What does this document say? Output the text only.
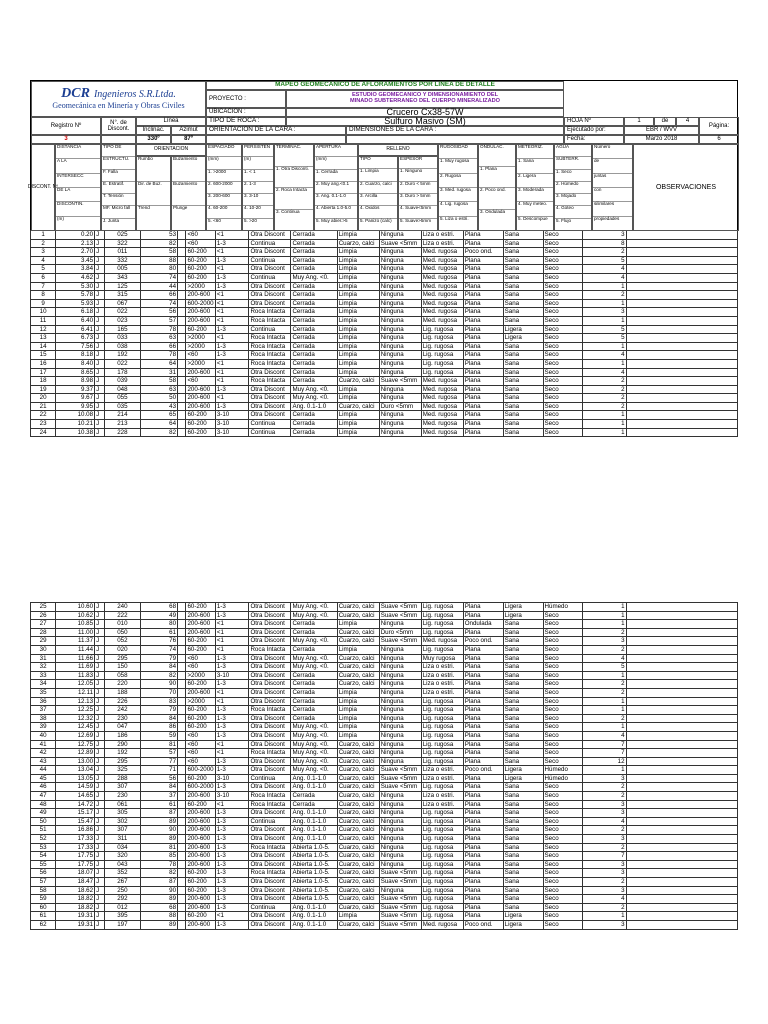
DCR Ingenieros S.R.Ltda.
Geomecánica en Minería y Obras Civiles
MAPEO GEOMECANICO DE AFLORAMIENTOS POR LINEA DE DETALLE
PROYECTO :
ESTUDIO GEOMECANICO Y DIMENSIONAMIENTO DEL
MINADO SUBTERRANEO DEL CUERPO MINERALIZADO
Registro Nº
N°. de
Discont.
Línea
Inclinac.	Azimut
UBICACION :	Crucero Cx38-57W
TIPO DE ROCA :	Sulfuro Masivo (SM)
ORIENTACION DE LA CARA :	DIMENSIONES DE LA CARA :
HOJA Nº	1	de	4
Página:
Ejecutado por:	EBR / WVV
3	330º	87º	Fecha:	Marzo 2018	6
DISCONT. Nº
DISTANCIA
A LA
INTERSECC
DE LA
DISCONTIN.
(m)
TIPO DE
ESTRUCTU.
F. Falla
E. Estratif.
T. Tensión
MF. Micro fall
J. Junta
ORIENTACION
Rumbo
Dir. de Buz.
Trend
Buzamiento
Buzamiento
Plunge
ESPACIADO
(mm)
1. >2000
2. 600-2000
3. 200-600
4. 60-200
5. <60
PERSISTEN
(m)
1. < 1
2. 1-3
3. 3-10
4. 10-20
5. >20
TERMINAC.
1. Otra Disconti.
2. Roca Intacta
3. Continua
APERTURA
(mm)
1. Cerrada
2. Muy ang.<0.1
3. Ang. 0.1-1.0
4. Abierta 1.0-5.0
5. Muy abier.>5
RELLENO
TIPO
1. Limpia
2. Cuarzo, calci
3. Arcilla
4. Oxidos
5. Panizo (calc)
ESPESOR
1. Ninguno
2. Duro < 5mm
3. Duro > 5mm
4. Suave<5mm
5. Suave>5mm
RUGOSIDAD
1. Muy rugosa
2. Rugosa
3. Med. rugosa
4. Lig. rugosa
5. Liza o estri.
ONDULAC.
1. Plana
2. Poco ond.
3. Ondulada
METEORIZ.
1. Sana
2. Ligera
3. Moderada
4. Muy meteo.
5. Descompue
AGUA
SUBTERR.
1. Seco
2. Húmedo
3. Mojado
4. Goteo
5. Flujo
Número
de
juntas
con
silimilares
propiedades
OBSERVACIONES
1	0.20	J	025	53		<60	<1	Otra Discont	Cerrada	Limpia	Ninguna	Liza o estri.	Plana	Sana	Seco	3	
2	2.13	J	322	82		<60	1-3	Continua	Cerrada	Cuarzo, calci	Suave <5mm	Liza o estri.	Plana	Sana	Seco	8	
3	2.70	J	011	58		60-200	<1	Otra Discont	Cerrada	Limpia	Ninguna	Med. rugosa	Poco ond.	Sana	Seco	2	
4	3.45	J	332	88		60-200	1-3	Continua	Cerrada	Limpia	Ninguna	Med. rugosa	Plana	Sana	Seco	5	
5	3.84	J	005	80		60-200	<1	Otra Discont	Cerrada	Limpia	Ninguna	Med. rugosa	Plana	Sana	Seco	4	
6	4.62	J	343	74		60-200	1-3	Continua	Muy Ang. <0.	Limpia	Ninguna	Med. rugosa	Plana	Sana	Seco	4	
7	5.30	J	125	44		>2000	1-3	Otra Discont	Cerrada	Limpia	Ninguna	Med. rugosa	Plana	Sana	Seco	1	
8	5.78	J	315	66		200-600	<1	Otra Discont	Cerrada	Limpia	Ninguna	Med. rugosa	Plana	Sana	Seco	2	
9	5.93	J	067	74		600-2000	<1	Otra Discont	Cerrada	Limpia	Ninguna	Med. rugosa	Plana	Sana	Seco	1	
10	6.18	J	022	56		200-600	<1	Roca Intacta	Cerrada	Limpia	Ninguna	Med. rugosa	Plana	Sana	Seco	3	
11	6.40	J	023	57		200-600	<1	Roca Intacta	Cerrada	Limpia	Ninguna	Med. rugosa	Plana	Sana	Seco	1	
12	6.41	J	165	78		60-200	1-3	Continua	Cerrada	Limpia	Ninguna	Lig. rugosa	Plana	Ligera	Seco	5	
13	6.73	J	033	63		>2000	<1	Roca Intacta	Cerrada	Limpia	Ninguna	Lig. rugosa	Plana	Ligera	Seco	5	
14	7.56	J	038	66		>2000	1-3	Roca Intacta	Cerrada	Limpia	Ninguna	Lig. rugosa	Plana	Sana	Seco	1	
15	8.18	J	192	78		<60	1-3	Roca Intacta	Cerrada	Limpia	Ninguna	Lig. rugosa	Plana	Sana	Seco	4	
16	8.40	J	022	64		>2000	<1	Roca Intacta	Cerrada	Limpia	Ninguna	Lig. rugosa	Plana	Sana	Seco	1	
17	8.65	J	178	31		200-600	<1	Otra Discont	Cerrada	Limpia	Ninguna	Lig. rugosa	Plana	Sana	Seco	4	
18	8.98	J	039	58		<60	<1	Roca Intacta	Cerrada	Cuarzo, calci	Suave <5mm	Med. rugosa	Plana	Sana	Seco	2	
19	9.37	J	048	63		200-600	1-3	Otra Discont	Muy Ang. <0.	Limpia	Ninguna	Med. rugosa	Plana	Sana	Seco	2	
20	9.67	J	055	50		200-600	<1	Otra Discont	Muy Ang. <0.	Limpia	Ninguna	Med. rugosa	Plana	Sana	Seco	2	
21	9.95	J	035	43		200-600	1-3	Otra Discont	Ang. 0.1-1.0	Cuarzo, calci	Duro <5mm	Med. rugosa	Plana	Sana	Seco	2	
22	10.08	J	214	65		60-200	3-10	Otra Discont	Cerrada	Limpia	Ninguna	Med. rugosa	Plana	Sana	Seco	1	
23	10.21	J	213	64		60-200	3-10	Continua	Cerrada	Limpia	Ninguna	Med. rugosa	Plana	Sana	Seco	1	
24	10.38	J	228	82		60-200	3-10	Continua	Cerrada	Limpia	Ninguna	Med. rugosa	Plana	Sana	Seco	1	
25	10.60	J	240	68		60-200	1-3	Otra Discont	Muy Ang. <0.	Cuarzo, calci	Suave <5mm	Lig. rugosa	Plana	Ligera	Húmedo	1	
26	10.62	J	222	49		200-600	1-3	Otra Discont	Muy Ang. <0.	Cuarzo, calci	Suave <5mm	Lig. rugosa	Plana	Ligera	Seco	1	
27	10.85	J	010	80		200-600	<1	Otra Discont	Cerrada	Limpia	Ninguna	Lig. rugosa	Ondulada	Sana	Seco	1	
28	11.00	J	050	61		200-600	<1	Otra Discont	Cerrada	Cuarzo, calci	Duro <5mm	Lig. rugosa	Plana	Sana	Seco	2	
29	11.37	J	052	76		60-200	<1	Otra Discont	Muy Ang. <0.	Cuarzo, calci	Suave <5mm	Med. rugosa	Poco ond.	Sana	Seco	3	
30	11.44	J	020	74		60-200	<1	Roca Intacta	Cerrada	Limpia	Ninguna	Lig. rugosa	Plana	Sana	Seco	2	
31	11.66	J	295	79		<60	1-3	Otra Discont	Muy Ang. <0.	Cuarzo, calci	Ninguna	Muy rugosa	Plana	Sana	Seco	4	
32	11.69	J	150	84		<60	1-3	Otra Discont	Muy Ang. <0.	Cuarzo, calci	Ninguna	Liza o estri.	Plana	Sana	Seco	5	
33	11.83	J	058	82		>2000	3-10	Otra Discont	Cerrada	Cuarzo, calci	Ninguna	Liza o estri.	Plana	Sana	Seco	1	
34	12.05	J	220	90		60-200	1-3	Otra Discont	Cerrada	Cuarzo, calci	Ninguna	Liza o estri.	Plana	Sana	Seco	2	
35	12.11	J	188	70		200-600	<1	Otra Discont	Cerrada	Limpia	Ninguna	Liza o estri.	Plana	Sana	Seco	2	
36	12.13	J	226	83		>2000	<1	Otra Discont	Cerrada	Limpia	Ninguna	Lig. rugosa	Plana	Sana	Seco	1	
37	12.25	J	242	79		60-200	1-3	Roca Intacta	Cerrada	Limpia	Ninguna	Lig. rugosa	Plana	Sana	Seco	1	
38	12.32	J	230	84		60-200	1-3	Otra Discont	Cerrada	Limpia	Ninguna	Lig. rugosa	Plana	Sana	Seco	2	
39	12.45	J	047	86		60-200	1-3	Otra Discont	Muy Ang. <0.	Limpia	Ninguna	Lig. rugosa	Plana	Sana	Seco	1	
40	12.69	J	186	59		<60	1-3	Otra Discont	Muy Ang. <0.	Limpia	Ninguna	Lig. rugosa	Plana	Sana	Seco	4	
41	12.75	J	290	81		<60	<1	Otra Discont	Muy Ang. <0.	Cuarzo, calci	Ninguna	Lig. rugosa	Plana	Sana	Seco	7	
42	12.89	J	192	57		<60	<1	Roca Intacta	Muy Ang. <0.	Cuarzo, calci	Ninguna	Lig. rugosa	Plana	Sana	Seco	7	
43	13.00	J	295	77		<60	1-3	Otra Discont	Muy Ang. <0.	Cuarzo, calci	Ninguna	Lig. rugosa	Plana	Sana	Seco	12	
44	13.04	J	325	71		600-2000	1-3	Otra Discont	Muy Ang. <0.	Cuarzo, calci	Suave <5mm	Liza o estri.	Poco ond.	Ligera	Húmedo	1	
45	13.05	J	288	56		60-200	3-10	Continua	Ang. 0.1-1.0	Cuarzo, calci	Suave <5mm	Liza o estri.	Plana	Ligera	Húmedo	3	
46	14.59	J	307	84		600-2000	1-3	Otra Discont	Ang. 0.1-1.0	Cuarzo, calci	Suave <5mm	Lig. rugosa	Plana	Sana	Seco	2	
47	14.65	J	230	37		200-600	3-10	Roca Intacta	Cerrada	Cuarzo, calci	Ninguna	Liza o estri.	Plana	Sana	Seco	2	
48	14.72	J	061	61		60-200	<1	Roca Intacta	Cerrada	Cuarzo, calci	Ninguna	Liza o estri.	Plana	Sana	Seco	3	
49	15.17	J	305	87		200-600	1-3	Otra Discont	Ang. 0.1-1.0	Cuarzo, calci	Ninguna	Lig. rugosa	Plana	Sana	Seco	3	
50	15.47	J	302	89		200-600	1-3	Continua	Ang. 0.1-1.0	Cuarzo, calci	Ninguna	Lig. rugosa	Plana	Sana	Seco	4	
51	16.86	J	307	90		200-600	1-3	Otra Discont	Ang. 0.1-1.0	Cuarzo, calci	Ninguna	Lig. rugosa	Plana	Sana	Seco	2	
52	17.33	J	311	89		200-600	1-3	Otra Discont	Ang. 0.1-1.0	Cuarzo, calci	Ninguna	Lig. rugosa	Plana	Sana	Seco	3	
53	17.33	J	034	81		200-600	1-3	Roca Intacta	Abierta 1.0-5.	Cuarzo, calci	Ninguna	Lig. rugosa	Plana	Sana	Seco	2	
54	17.75	J	320	85		200-600	1-3	Otra Discont	Abierta 1.0-5.	Cuarzo, calci	Ninguna	Lig. rugosa	Plana	Sana	Seco	7	
55	17.75	J	043	78		200-600	1-3	Otra Discont	Abierta 1.0-5.	Cuarzo, calci	Ninguna	Lig. rugosa	Plana	Sana	Seco	3	
56	18.07	J	352	82		60-200	1-3	Roca Intacta	Abierta 1.0-5.	Cuarzo, calci	Suave <5mm	Lig. rugosa	Plana	Sana	Seco	3	
57	18.47	J	267	87		60-200	1-3	Otra Discont	Abierta 1.0-5.	Cuarzo, calci	Suave <5mm	Lig. rugosa	Plana	Sana	Seco	2	
58	18.62	J	250	90		60-200	1-3	Otra Discont	Abierta 1.0-5.	Cuarzo, calci	Ninguna	Lig. rugosa	Plana	Sana	Seco	3	
59	18.82	J	292	89		200-600	1-3	Otra Discont	Abierta 1.0-5.	Cuarzo, calci	Suave <5mm	Lig. rugosa	Plana	Sana	Seco	4	
60	18.82	J	012	68		200-600	1-3	Continua	Ang. 0.1-1.0	Cuarzo, calci	Suave <5mm	Lig. rugosa	Plana	Sana	Seco	2	
61	19.31	J	395	88		60-200	<1	Otra Discont	Ang. 0.1-1.0	Limpia	Suave <5mm	Lig. rugosa	Plana	Ligera	Seco	1	
62	19.31	J	197	89		200-600	1-3	Otra Discont	Ang. 0.1-1.0	Cuarzo, calci	Suave <5mm	Med. rugosa	Poco ond.	Ligera	Seco	3	
